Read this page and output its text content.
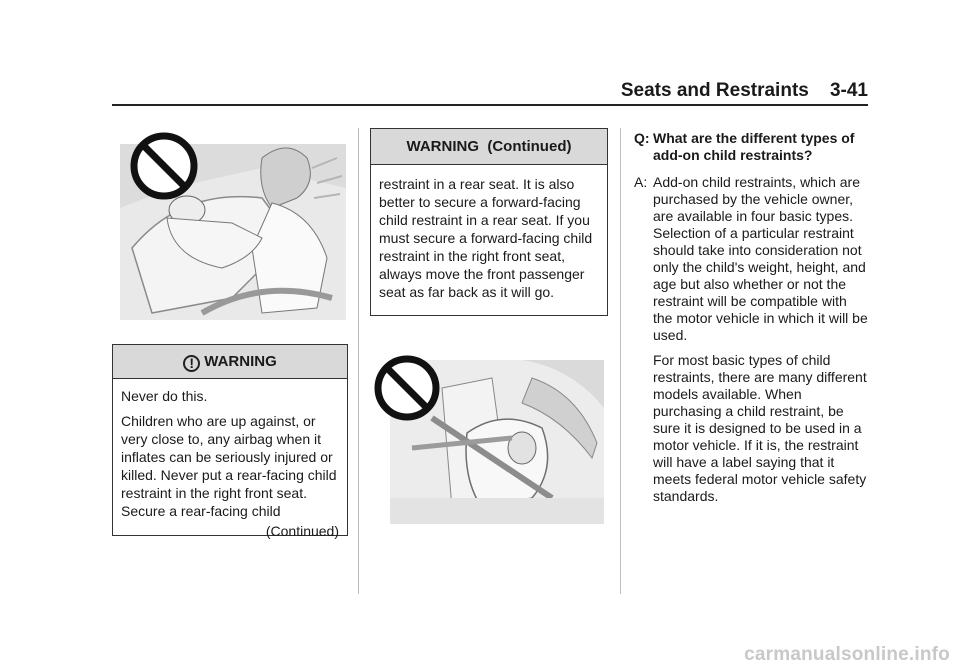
Seats and Restraints 3-41
! WARNING

Never do this.

Children who are up against, or very close to, any airbag when it inflates can be seriously injured or killed. Never put a rear-facing child restraint in the right front seat. Secure a rear-facing child

(Continued)
WARNING  (Continued)
restraint in a rear seat. It is also better to secure a forward-facing child restraint in a rear seat. If you must secure a forward-facing child restraint in the right front seat, always move the front passenger seat as far back as it will go.
Q: What are the different types of add-on child restraints?
A: Add-on child restraints, which are purchased by the vehicle owner, are available in four basic types. Selection of a particular restraint should take into consideration not only the child's weight, height, and age but also whether or not the restraint will be compatible with the motor vehicle in which it will be used.
For most basic types of child restraints, there are many different models available. When purchasing a child restraint, be sure it is designed to be used in a motor vehicle. If it is, the restraint will have a label saying that it meets federal motor vehicle safety standards.
carmanualsonline.info
